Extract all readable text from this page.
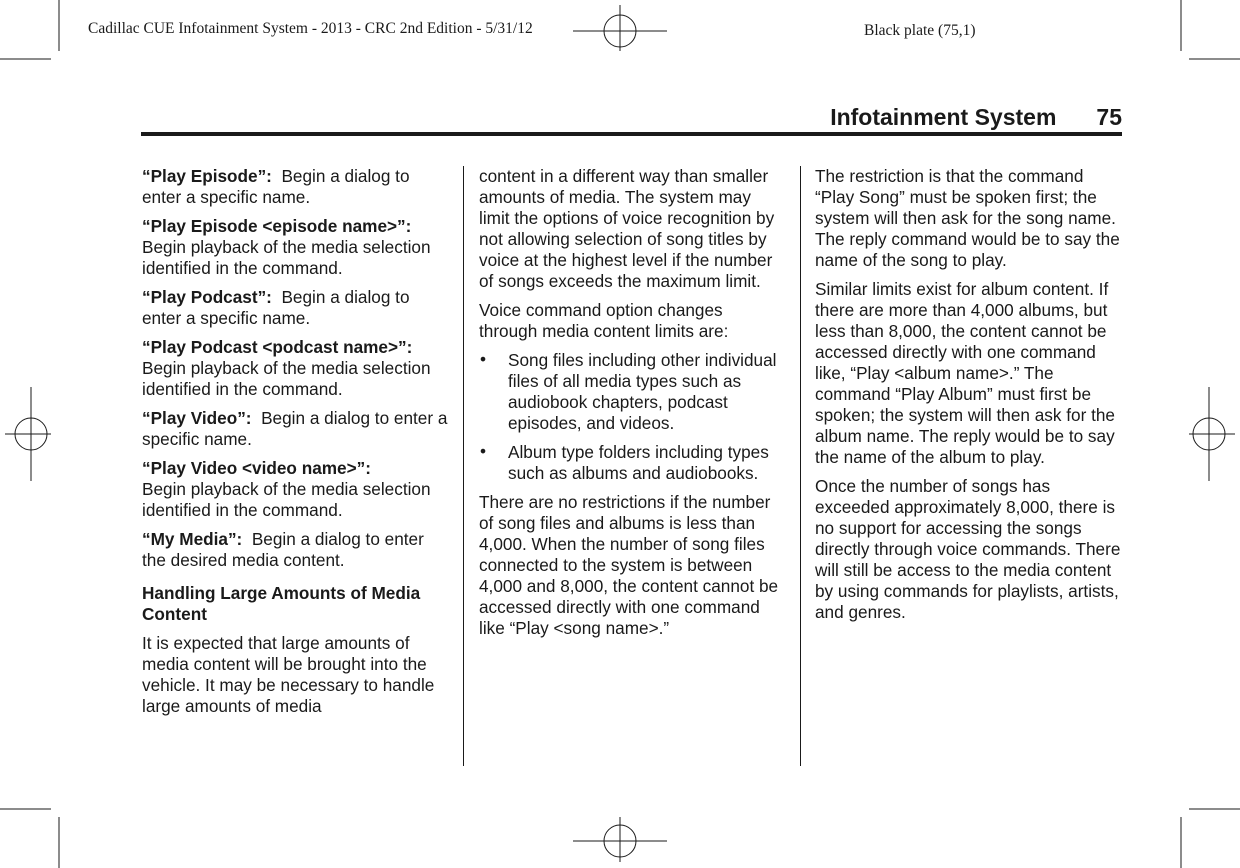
Cadillac CUE Infotainment System - 2013 - CRC 2nd Edition - 5/31/12	Black plate (75,1)
Infotainment System 75

“Play Episode”: Begin a dialog to enter a specific name.

“Play Episode <episode name>”:  Begin playback of the media selection identified in the command.

“Play Podcast”: Begin a dialog to enter a specific name.

“Play Podcast <podcast name>”:  Begin playback of the media selection identified in the command.

“Play Video”: Begin a dialog to enter a specific name.

“Play Video <video name>”:
Begin playback of the media selection identified in the command.

“My Media”: Begin a dialog to enter the desired media content.

Handling Large Amounts of Media Content

It is expected that large amounts of media content will be brought into the vehicle. It may be necessary to handle large amounts of media

content in a different way than smaller amounts of media. The system may limit the options of voice recognition by not allowing selection of song titles by voice at the highest level if the number of songs exceeds the maximum limit.

Voice command option changes through media content limits are:

• Song files including other individual files of all media types such as audiobook chapters, podcast episodes, and videos.
• Album type folders including types such as albums and audiobooks.

There are no restrictions if the number of song files and albums is less than 4,000. When the number of song files connected to the system is between 4,000 and 8,000, the content cannot be accessed directly with one command like “Play <song name>.”

The restriction is that the command “Play Song” must be spoken first; the system will then ask for the song name. The reply command would be to say the name of the song to play.

Similar limits exist for album content. If there are more than 4,000 albums, but less than 8,000, the content cannot be accessed directly with one command like, “Play <album name>.” The command “Play Album” must first be spoken; the system will then ask for the album name. The reply would be to say the name of the album to play.

Once the number of songs has exceeded approximately 8,000, there is no support for accessing the songs directly through voice commands. There will still be access to the media content by using commands for playlists, artists, and genres.
